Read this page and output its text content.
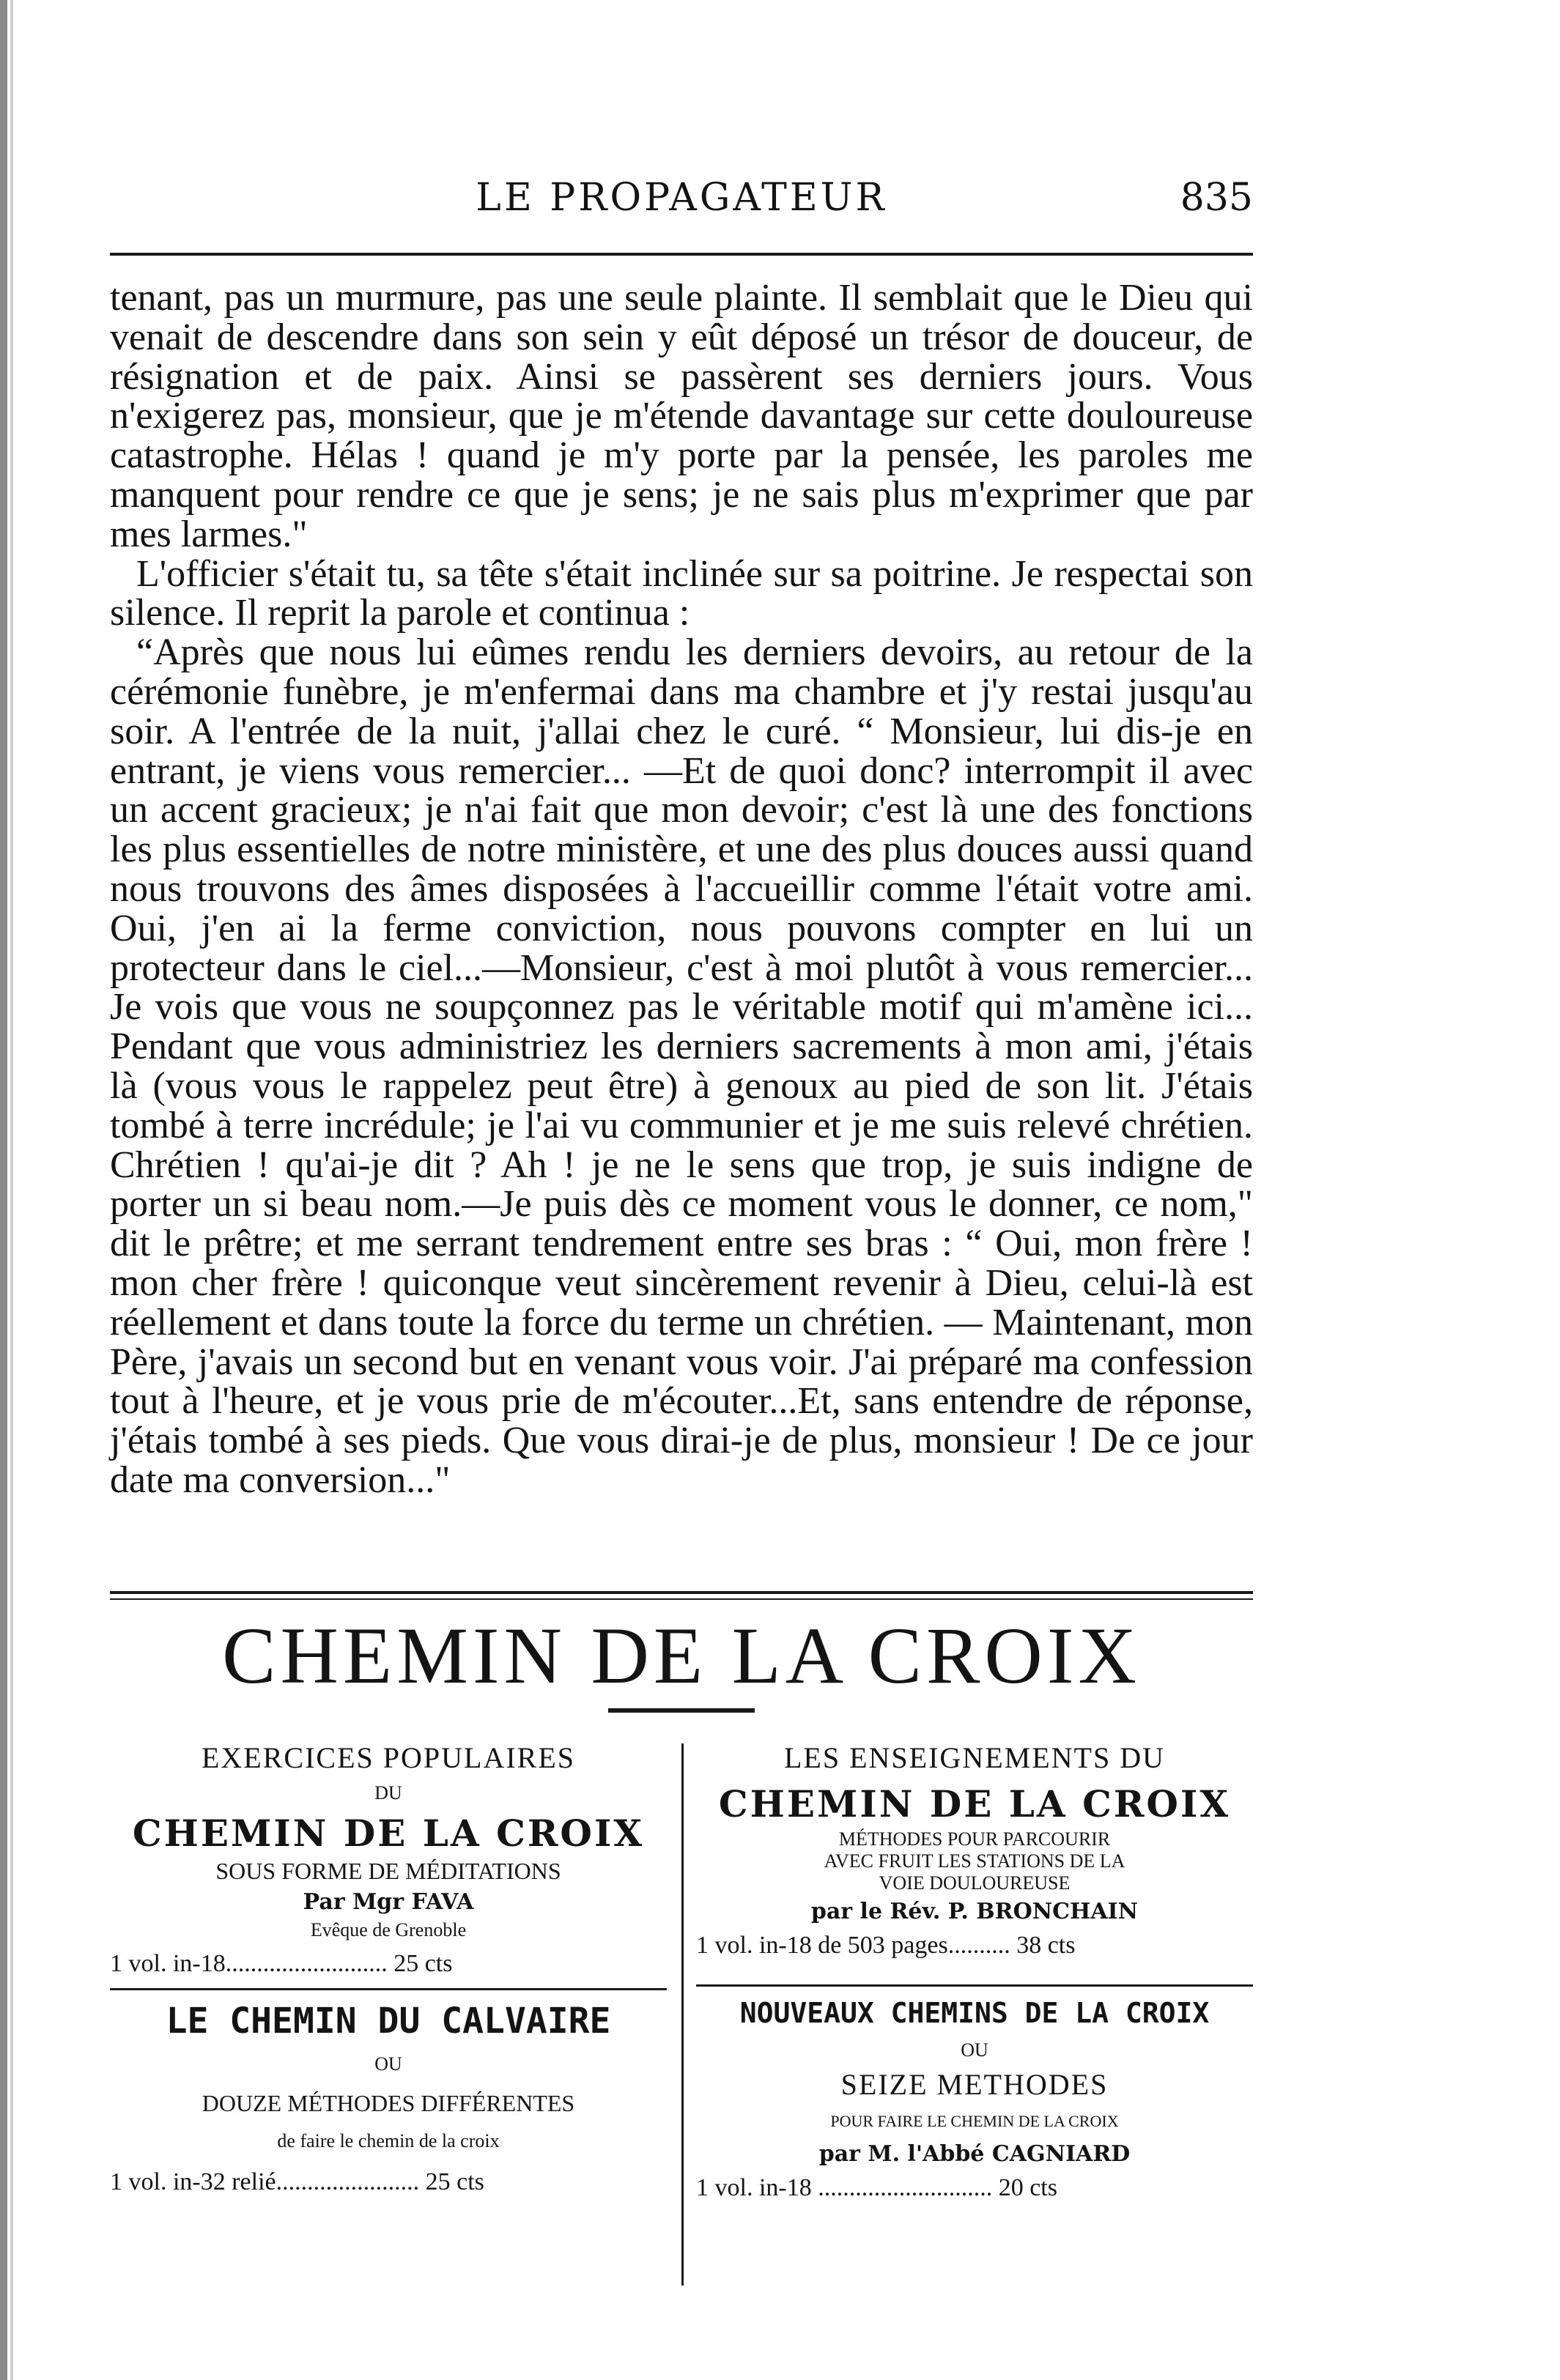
LE PROPAGATEUR	835

tenant, pas un murmure, pas une seule plainte. Il semblait que le Dieu qui venait de descendre dans son sein y eût déposé un trésor de douceur, de résignation et de paix. Ainsi se passèrent ses derniers jours. Vous n'exigerez pas, monsieur, que je m'étende davantage sur cette douloureuse catastrophe. Hélas ! quand je m'y porte par la pensée, les paroles me manquent pour rendre ce que je sens; je ne sais plus m'exprimer que par mes larmes."

L'officier s'était tu, sa tête s'était inclinée sur sa poitrine. Je respectai son silence. Il reprit la parole et continua :

“Après que nous lui eûmes rendu les derniers devoirs, au retour de la cérémonie funèbre, je m'enfermai dans ma chambre et j'y restai jusqu'au soir. A l'entrée de la nuit, j'allai chez le curé. “ Monsieur, lui dis-je en entrant, je viens vous remercier... —Et de quoi donc? interrompit il avec un accent gracieux; je n'ai fait que mon devoir; c'est là une des fonctions les plus essentielles de notre ministère, et une des plus douces aussi quand nous trouvons des âmes disposées à l'accueillir comme l'était votre ami. Oui, j'en ai la ferme conviction, nous pouvons compter en lui un protecteur dans le ciel...—Monsieur, c'est à moi plutôt à vous remercier... Je vois que vous ne soupçonnez pas le véritable motif qui m'amène ici... Pendant que vous administriez les derniers sacrements à mon ami, j'étais là (vous vous le rappelez peut être) à genoux au pied de son lit. J'étais tombé à terre incrédule; je l'ai vu communier et je me suis relevé chrétien. Chrétien ! qu'ai-je dit ? Ah ! je ne le sens que trop, je suis indigne de porter un si beau nom.—Je puis dès ce moment vous le donner, ce nom," dit le prêtre; et me serrant tendrement entre ses bras : “ Oui, mon frère ! mon cher frère ! quiconque veut sincèrement revenir à Dieu, celui-là est réellement et dans toute la force du terme un chrétien. — Maintenant, mon Père, j'avais un second but en venant vous voir. J'ai préparé ma confession tout à l'heure, et je vous prie de m'écouter...Et, sans entendre de réponse, j'étais tombé à ses pieds. Que vous dirai-je de plus, monsieur ! De ce jour date ma conversion..."

CHEMIN DE LA CROIX
EXERCICES POPULAIRES
DU
CHEMIN DE LA CROIX
SOUS FORME DE MÉDITATIONS
Par Mgr FAVA
Evêque de Grenoble
1 vol. in-18.......................... 25 cts
LE CHEMIN DU CALVAIRE
OU
DOUZE MÉTHODES DIFFÉRENTES
de faire le chemin de la croix
1 vol. in-32 relié....................... 25 cts
LES ENSEIGNEMENTS DU
CHEMIN DE LA CROIX
MÉTHODES POUR PARCOURIR
AVEC FRUIT LES STATIONS DE LA
VOIE DOULOUREUSE
par le Rév. P. BRONCHAIN
1 vol. in-18 de 503 pages.......... 38 cts
NOUVEAUX CHEMINS DE LA CROIX
OU
SEIZE METHODES
POUR FAIRE LE CHEMIN DE LA CROIX
par M. l'Abbé CAGNIARD
1 vol. in-18 ............................ 20 cts
